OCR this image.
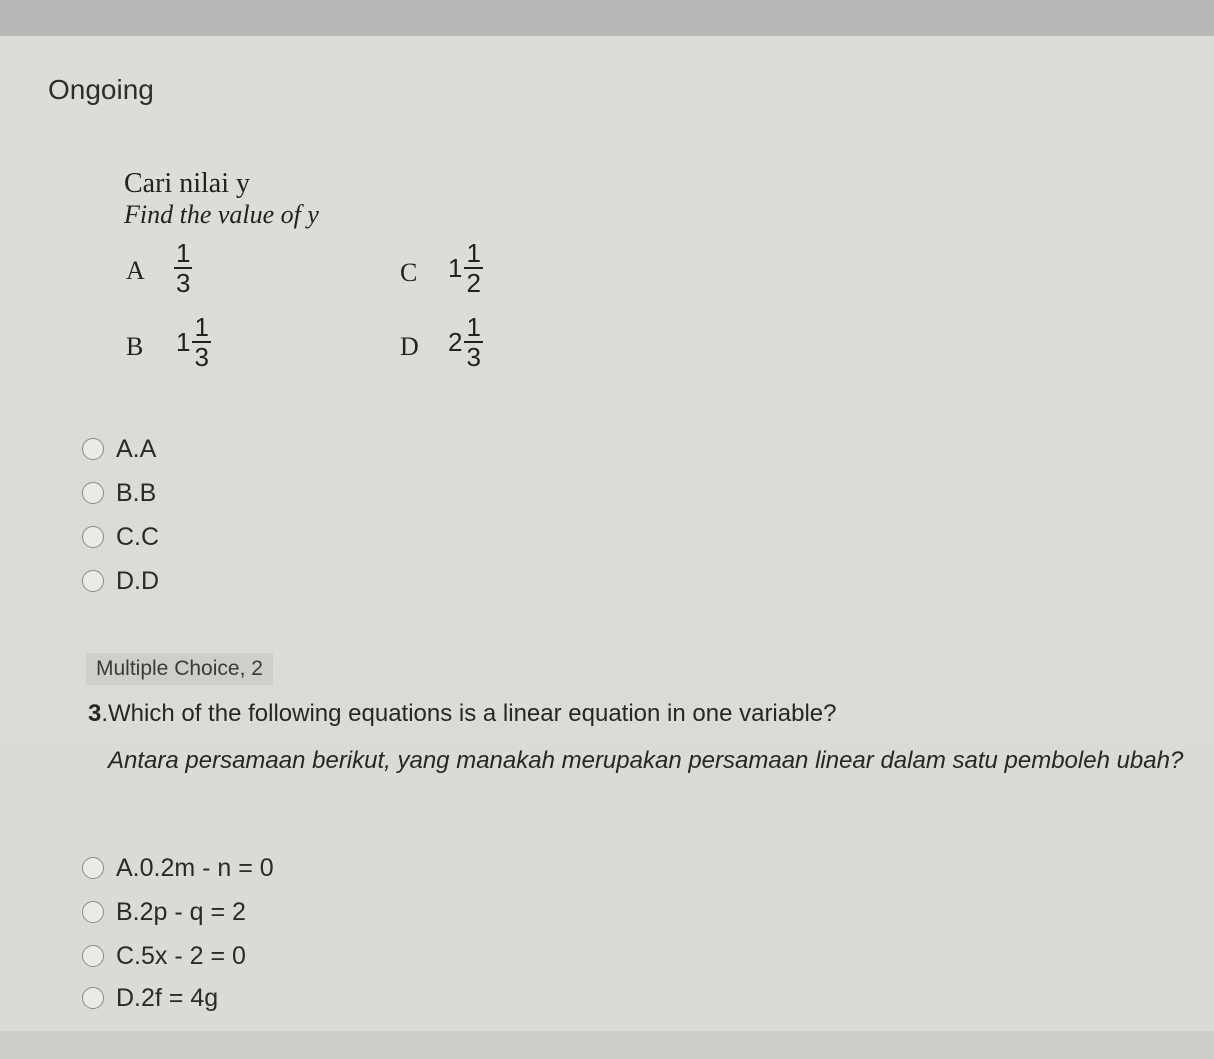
Ongoing
Cari nilai y
Find the value of y
A $\frac{1}{3}$
B $1 \frac{1}{3}$
C $1 \frac{1}{2}$
D $2 \frac{1}{3}$
A.A
B.B
C.C
D.D
Multiple Choice, 2
3.Which of the following equations is a linear equation in one variable?
Antara persamaan berikut, yang manakah merupakan persamaan linear dalam satu pemboleh ubah?
A.0.2m - n = 0
B.2p - q = 2
C.5x - 2 = 0
D.2f = 4g
